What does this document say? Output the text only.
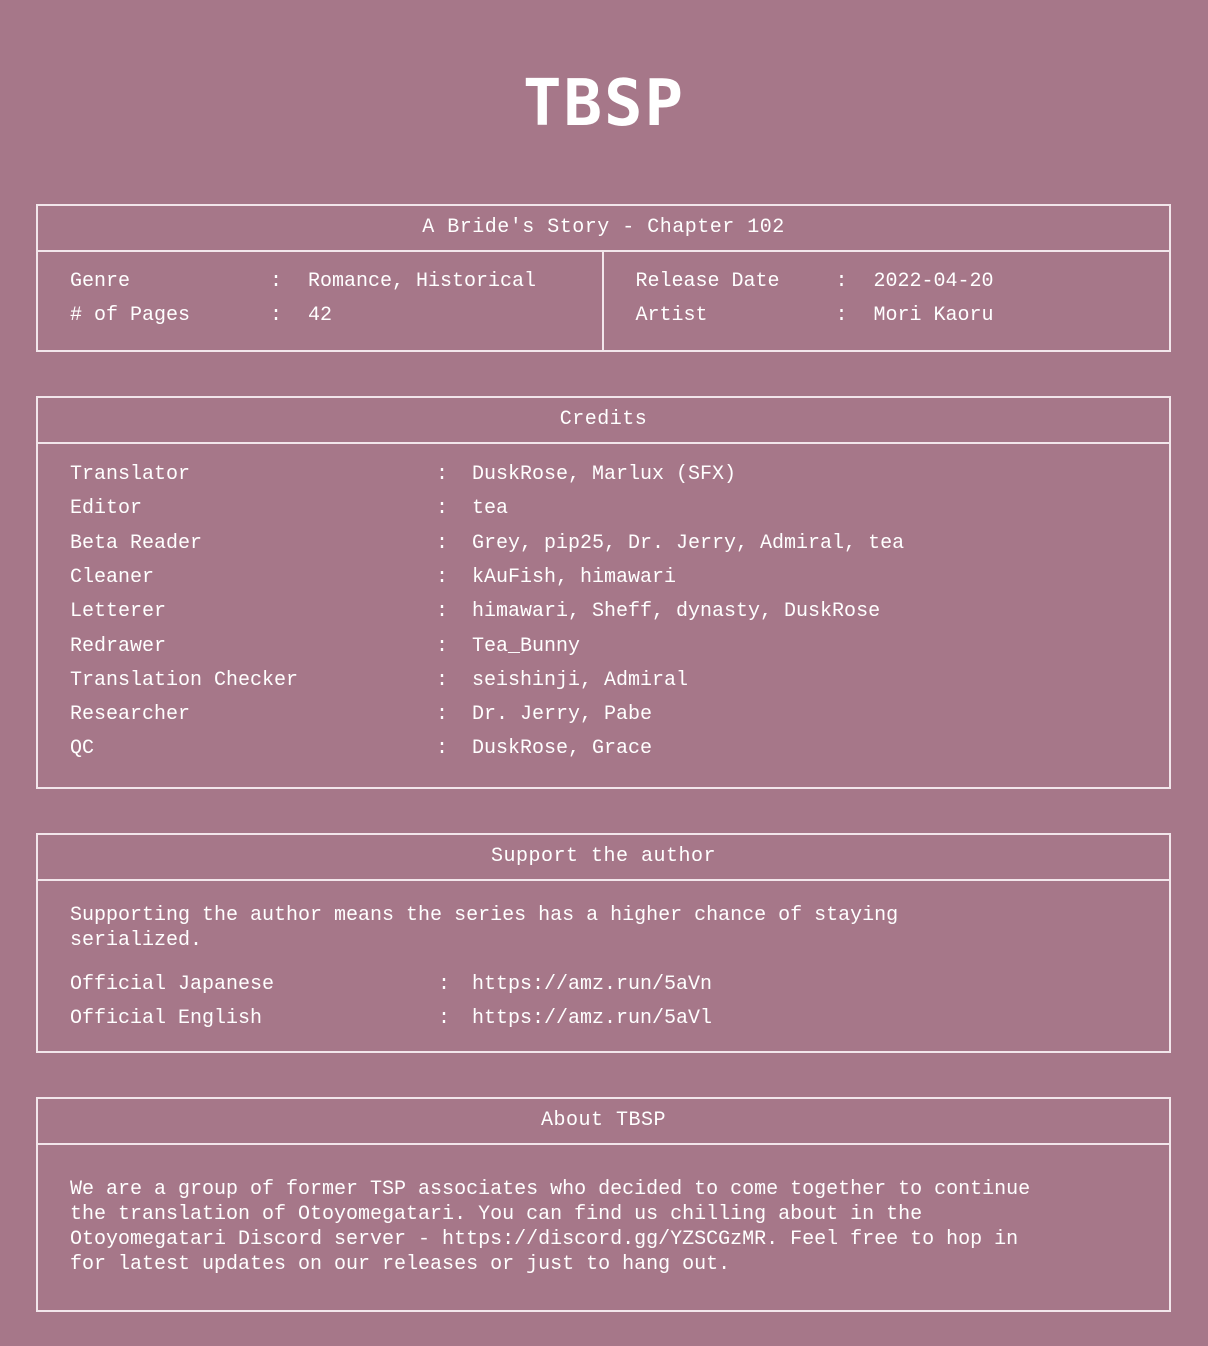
TBSP
A Bride's Story - Chapter 102
Genre	: Romance, Historical
# of Pages	: 42
Release Date	: 2022-04-20
Artist	: Mori Kaoru
Credits
Translator	: DuskRose, Marlux (SFX)
Editor	: tea
Beta Reader	: Grey, pip25, Dr. Jerry, Admiral, tea
Cleaner	: kAuFish, himawari
Letterer	: himawari, Sheff, dynasty, DuskRose
Redrawer	: Tea_Bunny
Translation Checker	: seishinji, Admiral
Researcher	: Dr. Jerry, Pabe
QC	: DuskRose, Grace
Support the author
Supporting the author means the series has a higher chance of staying
serialized.
Official Japanese	: https://amz.run/5aVn
Official English	: https://amz.run/5aVl
About TBSP
We are a group of former TSP associates who decided to come together to continue
the translation of Otoyomegatari. You can find us chilling about in the
Otoyomegatari Discord server - https://discord.gg/YZSCGzMR. Feel free to hop in
for latest updates on our releases or just to hang out.
